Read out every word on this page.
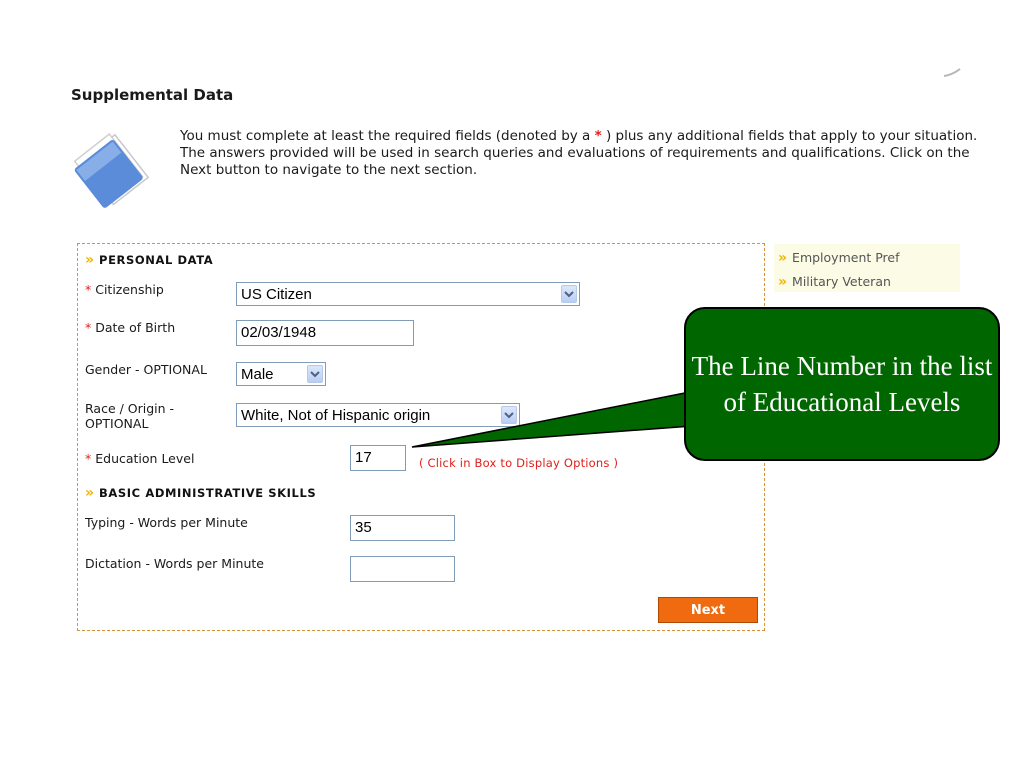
Supplemental Data
You must complete at least the required fields (denoted by a * ) plus any additional fields that apply to your situation. The answers provided will be used in search queries and evaluations of requirements and qualifications. Click on the Next button to navigate to the next section.
» PERSONAL DATA
* Citizenship	US Citizen
* Date of Birth	02/03/1948
Gender - OPTIONAL Male
Race / Origin -
OPTIONAL	White, Not of Hispanic origin
* Education Level	17	( Click in Box to Display Options )
» BASIC ADMINISTRATIVE SKILLS
Typing - Words per Minute	35
Dictation - Words per Minute
Next
» Employment Pref
» Military Veteran
The Line Number in the list of Educational Levels
